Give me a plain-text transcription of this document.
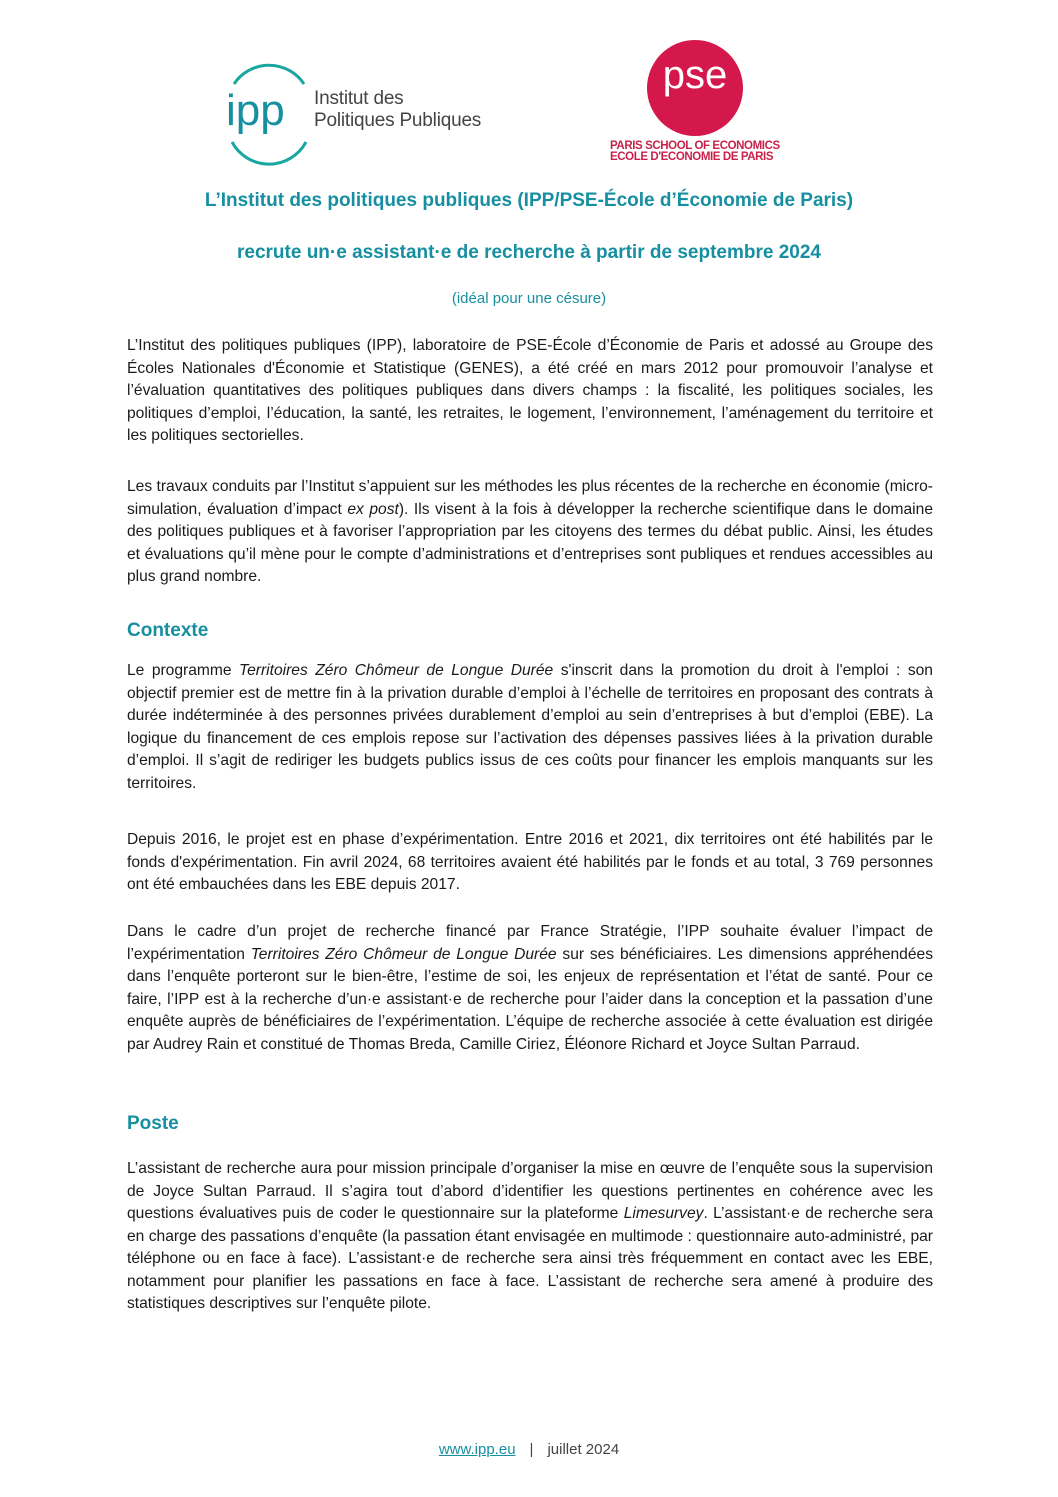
ipp Institut des
Politiques Publiques
pse
PARIS SCHOOL OF ECONOMICS
ECOLE D'ECONOMIE DE PARIS
L’Institut des politiques publiques (IPP/PSE-École d’Économie de Paris)
recrute un·e assistant·e de recherche à partir de septembre 2024
(idéal pour une césure)

L’Institut des politiques publiques (IPP), laboratoire de PSE-École d’Économie de Paris et adossé au Groupe des Écoles Nationales d'Économie et Statistique (GENES), a été créé en mars 2012 pour promouvoir l’analyse et l’évaluation quantitatives des politiques publiques dans divers champs : la fiscalité, les politiques sociales, les politiques d’emploi, l’éducation, la santé, les retraites, le logement, l’environnement, l’aménagement du territoire et les politiques sectorielles.

Les travaux conduits par l’Institut s’appuient sur les méthodes les plus récentes de la recherche en économie (micro-simulation, évaluation d’impact ex post). Ils visent à la fois à développer la recherche scientifique dans le domaine des politiques publiques et à favoriser l’appropriation par les citoyens des termes du débat public. Ainsi, les études et évaluations qu’il mène pour le compte d’administrations et d’entreprises sont publiques et rendues accessibles au plus grand nombre.

Contexte

Le programme Territoires Zéro Chômeur de Longue Durée s'inscrit dans la promotion du droit à l'emploi : son objectif premier est de mettre fin à la privation durable d’emploi à l’échelle de territoires en proposant des contrats à durée indéterminée à des personnes privées durablement d’emploi au sein d’entreprises à but d’emploi (EBE). La logique du financement de ces emplois repose sur l’activation des dépenses passives liées à la privation durable d’emploi. Il s’agit de rediriger les budgets publics issus de ces coûts pour financer les emplois manquants sur les territoires.

Depuis 2016, le projet est en phase d’expérimentation. Entre 2016 et 2021, dix territoires ont été habilités par le fonds d'expérimentation. Fin avril 2024, 68 territoires avaient été habilités par le fonds et au total, 3 769 personnes ont été embauchées dans les EBE depuis 2017.

Dans le cadre d’un projet de recherche financé par France Stratégie, l’IPP souhaite évaluer l’impact de l’expérimentation Territoires Zéro Chômeur de Longue Durée sur ses bénéficiaires. Les dimensions appréhendées dans l’enquête porteront sur le bien-être, l’estime de soi, les enjeux de représentation et l’état de santé. Pour ce faire, l’IPP est à la recherche d’un·e assistant·e de recherche pour l’aider dans la conception et la passation d’une enquête auprès de bénéficiaires de l’expérimentation. L’équipe de recherche associée à cette évaluation est dirigée par Audrey Rain et constitué de Thomas Breda, Camille Ciriez, Éléonore Richard et Joyce Sultan Parraud.

Poste

L’assistant de recherche aura pour mission principale d’organiser la mise en œuvre de l’enquête sous la supervision de Joyce Sultan Parraud. Il s’agira tout d’abord d’identifier les questions pertinentes en cohérence avec les questions évaluatives puis de coder le questionnaire sur la plateforme Limesurvey. L’assistant·e de recherche sera en charge des passations d’enquête (la passation étant envisagée en multimode : questionnaire auto-administré, par téléphone ou en face à face). L’assistant·e de recherche sera ainsi très fréquemment en contact avec les EBE, notamment pour planifier les passations en face à face. L’assistant de recherche sera amené à produire des statistiques descriptives sur l’enquête pilote.

www.ipp.eu | juillet 2024
